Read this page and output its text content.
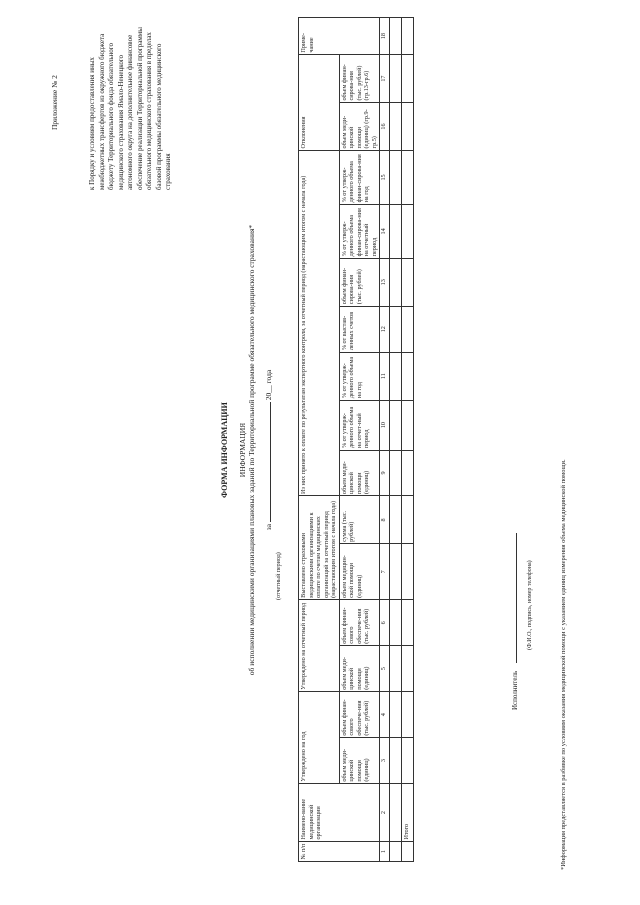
Приложение № 2	к Порядку и условиям предоставления иных межбюджетных трансфертов из окружного бюджета бюджету Территориального фонда обязательного медицинского страхования Ямало-Ненецкого автономного округа на дополнительное финансовое обеспечение реализации Территориальной программы обязательного медицинского страхования в пределах базовой программы обязательного медицинского страхования
ФОРМА ИНФОРМАЦИИ ИНФОРМАЦИЯ об исполнении медицинскими организациями плановых заданий по Территориальной программе обязательного медицинского страхования* за  20__ года
(отчетный период)
№ п/п	Наимено-вание медицинской организации	Утверждено на год		Утверждено на отчетный период		Выставлено страховыми медицинскими организациями к оплате по счетам медицинских организаций за отчетный период (нарастающим итогом с начала года)		Из них принято к оплате по результатам экспертного контроля, за отчетный период (нарастающим итогом с начала года)							Отклонения		Приме-чание
		объем меди-цинской помощи (единиц)	объем финан-сового обеспече-ния (тыс. рублей)	объем меди-цинской помощи (единиц)	объем финан-сового обеспече-ния (тыс. рублей)	объем медицин-ской помощи (единиц)	сумма (тыс. рублей)	объем меди-цинской помощи (единиц)	% от утверж-денного объема на отчет-ный период	% от утверж-денного объема на год	% от выстав-ленных счетов	объем финан-сирова-ния (тыс. рублей)	% от утверж-денного объема финан-сирова-ния на отчетный период	% от утверж-денного объема финан-сирова-ния на год	объем меди-цинской помощи (единиц) (гр.9-гр.5)	объем финан-сирова-ния (тыс. рублей) (гр.13-гр.6)	
1	2	3	4	5	6	7	8	9	10	11	12	13	14	15	16	17	18

	Итого																
Исполнитель
(Ф.И.О., подпись, номер телефона)	*Информация представляется в разбивке по условиям оказания медицинской помощи с указанием единиц измерения объема медицинской помощи.
